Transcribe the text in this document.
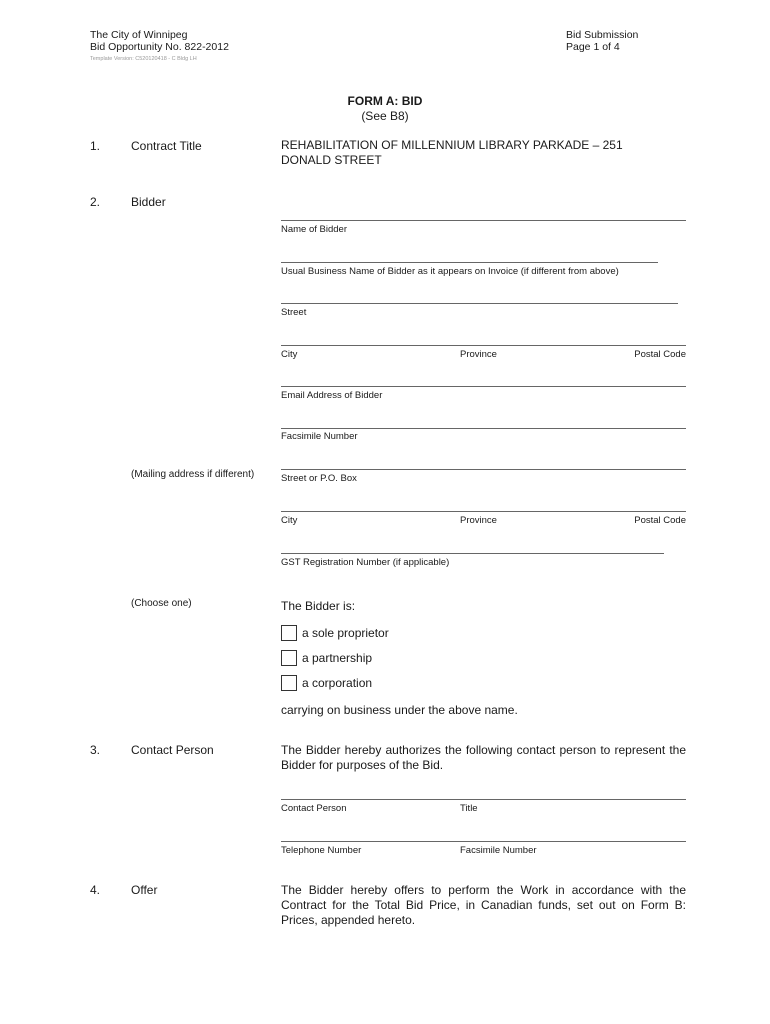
The City of Winnipeg
Bid Opportunity No. 822-2012
Template Version: C520120418 - C Bldg LH
Bid Submission
Page 1 of 4
FORM A: BID
(See B8)
1.	Contract Title	REHABILITATION OF MILLENNIUM LIBRARY PARKADE – 251
DONALD STREET
2.	Bidder
Name of Bidder
Usual Business Name of Bidder as it appears on Invoice (if different from above)
Street
City	Province	Postal Code
Email Address of Bidder
Facsimile Number
(Mailing address if different)	Street or P.O. Box
City	Province	Postal Code
GST Registration Number (if applicable)
(Choose one)	The Bidder is:
a sole proprietor
a partnership
a corporation
carrying on business under the above name.
3.	Contact Person	The Bidder hereby authorizes the following contact person to represent the Bidder for purposes of the Bid.
Contact Person	Title
Telephone Number	Facsimile Number
4.	Offer	The Bidder hereby offers to perform the Work in accordance with the Contract for the Total Bid Price, in Canadian funds, set out on Form B: Prices, appended hereto.
